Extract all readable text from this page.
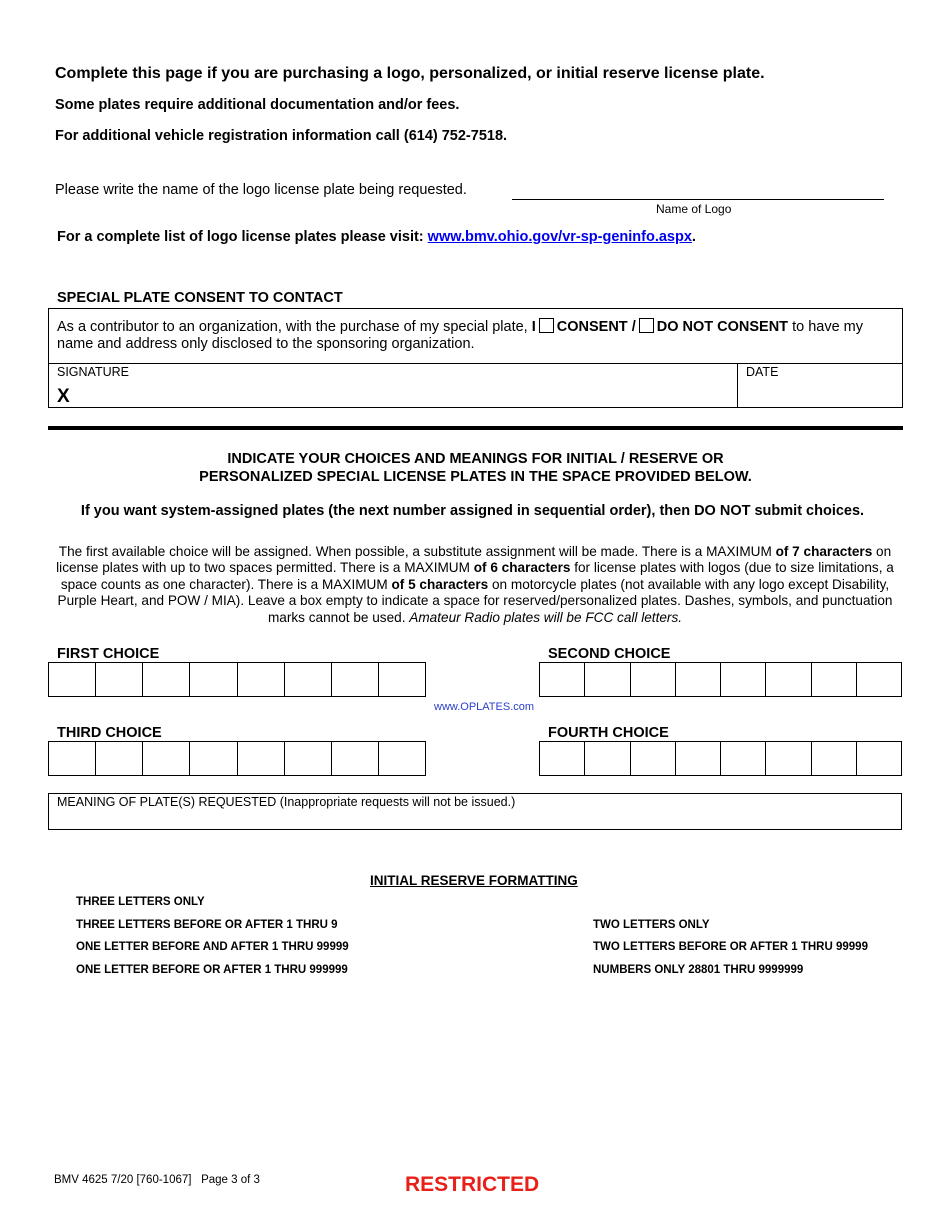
Complete this page if you are purchasing a logo, personalized, or initial reserve license plate.
Some plates require additional documentation and/or fees.
For additional vehicle registration information call (614) 752-7518.
Please write the name of the logo license plate being requested.
Name of Logo
For a complete list of logo license plates please visit: www.bmv.ohio.gov/vr-sp-geninfo.aspx.
SPECIAL PLATE CONSENT TO CONTACT
As a contributor to an organization, with the purchase of my special plate, I CONSENT / DO NOT CONSENT to have my name and address only disclosed to the sponsoring organization.
SIGNATURE
X
DATE
INDICATE YOUR CHOICES AND MEANINGS FOR INITIAL / RESERVE OR
PERSONALIZED SPECIAL LICENSE PLATES IN THE SPACE PROVIDED BELOW.
If you want system-assigned plates (the next number assigned in sequential order), then DO NOT submit choices.
The first available choice will be assigned. When possible, a substitute assignment will be made. There is a MAXIMUM of 7 characters on license plates with up to two spaces permitted. There is a MAXIMUM of 6 characters for license plates with logos (due to size limitations, a space counts as one character). There is a MAXIMUM of 5 characters on motorcycle plates (not available with any logo except Disability, Purple Heart, and POW / MIA). Leave a box empty to indicate a space for reserved/personalized plates. Dashes, symbols, and punctuation marks cannot be used. Amateur Radio plates will be FCC call letters.
FIRST CHOICE	SECOND CHOICE
www.OPLATES.com
THIRD CHOICE	FOURTH CHOICE
MEANING OF PLATE(S) REQUESTED (Inappropriate requests will not be issued.)
INITIAL RESERVE FORMATTING
THREE LETTERS ONLY
THREE LETTERS BEFORE OR AFTER 1 THRU 9
ONE LETTER BEFORE AND AFTER 1 THRU 99999
ONE LETTER BEFORE OR AFTER 1 THRU 999999
TWO LETTERS ONLY
TWO LETTERS BEFORE OR AFTER 1 THRU 99999
NUMBERS ONLY 28801 THRU 9999999
BMV 4625 7/20 [760-1067] Page 3 of 3	RESTRICTED
